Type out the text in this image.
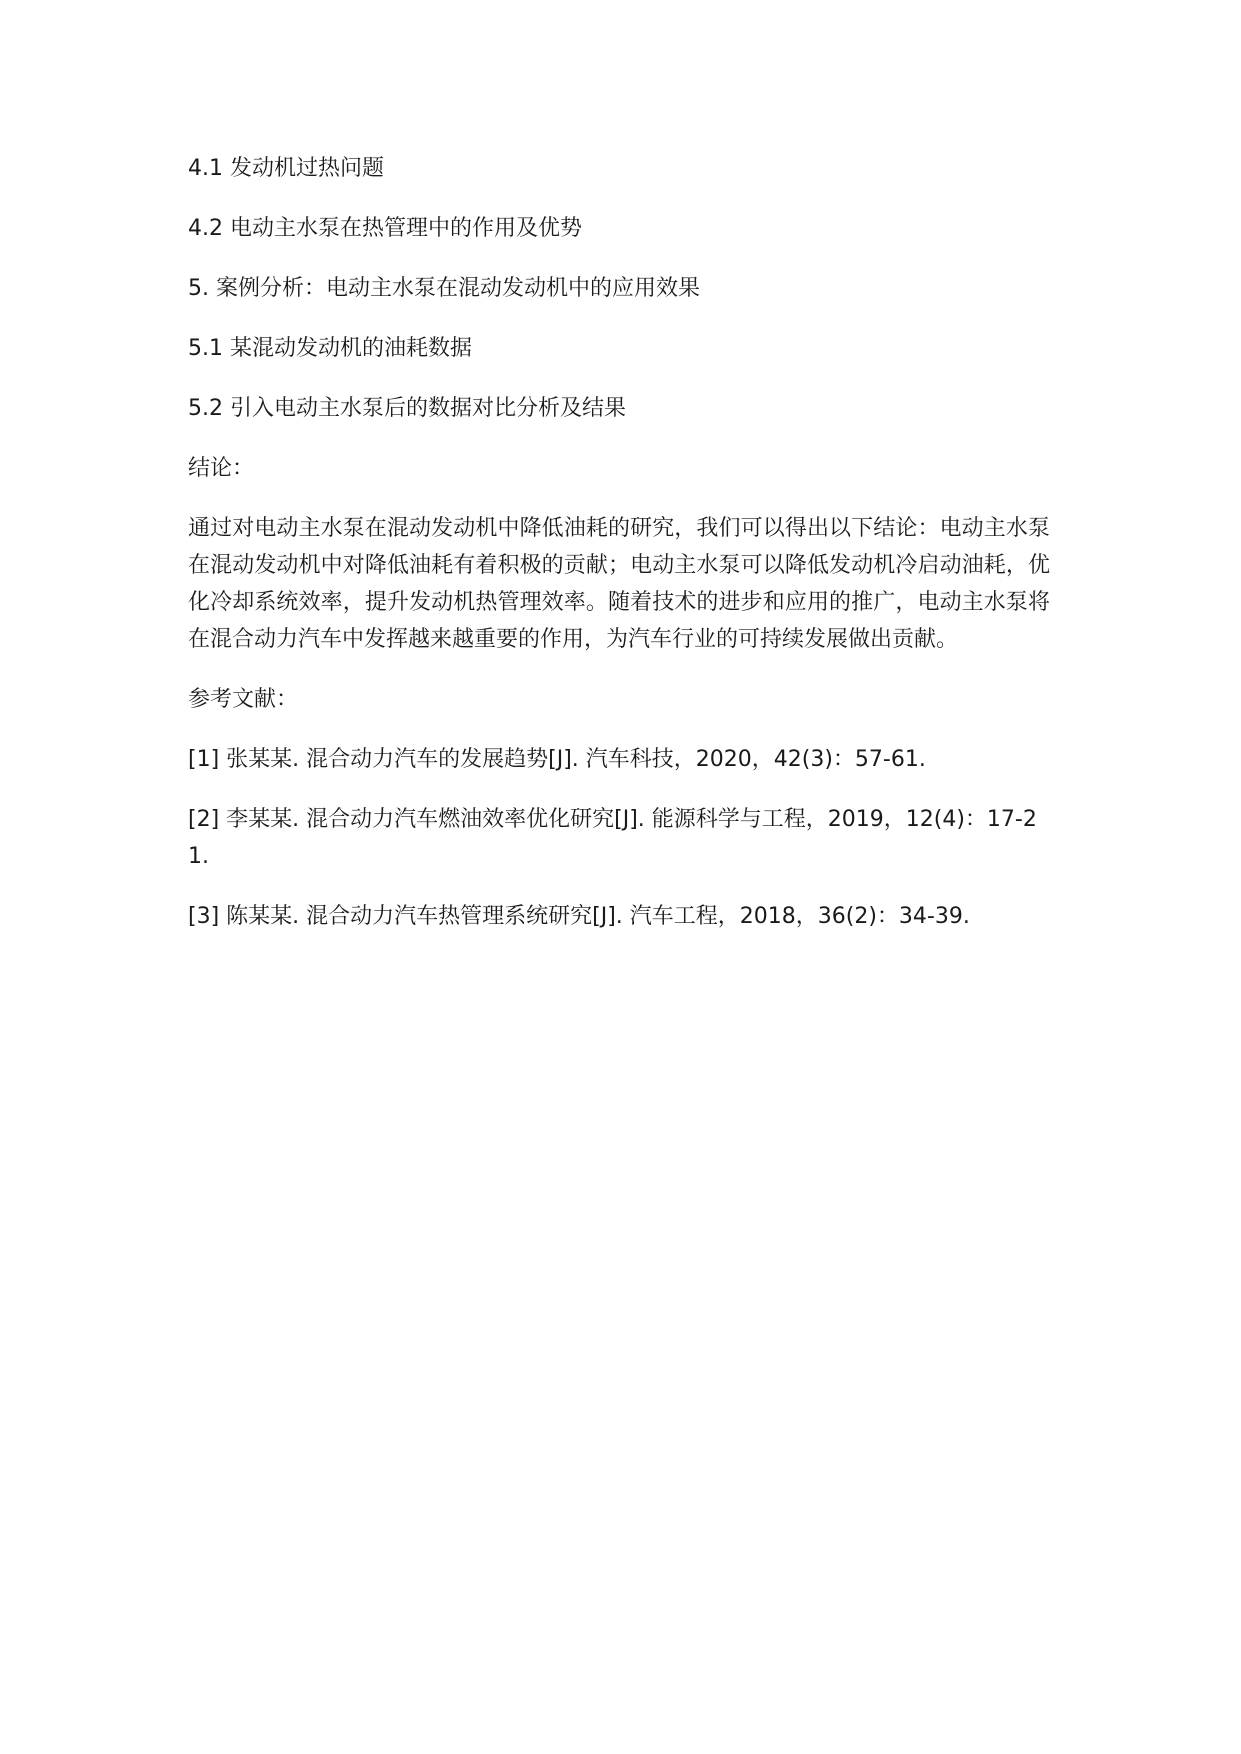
4.1 发动机过热问题

4.2 电动主水泵在热管理中的作用及优势

5. 案例分析：电动主水泵在混动发动机中的应用效果

5.1 某混动发动机的油耗数据

5.2 引入电动主水泵后的数据对比分析及结果

结论：

通过对电动主水泵在混动发动机中降低油耗的研究，我们可以得出以下结论：电动主水泵在混动发动机中对降低油耗有着积极的贡献；电动主水泵可以降低发动机冷启动油耗，优化冷却系统效率，提升发动机热管理效率。随着技术的进步和应用的推广，电动主水泵将在混合动力汽车中发挥越来越重要的作用，为汽车行业的可持续发展做出贡献。

参考文献：

[1] 张某某. 混合动力汽车的发展趋势[J]. 汽车科技，2020，42(3)：57-61.

[2] 李某某. 混合动力汽车燃油效率优化研究[J]. 能源科学与工程，2019，12(4)：17-21.

[3] 陈某某. 混合动力汽车热管理系统研究[J]. 汽车工程，2018，36(2)：34-39.
